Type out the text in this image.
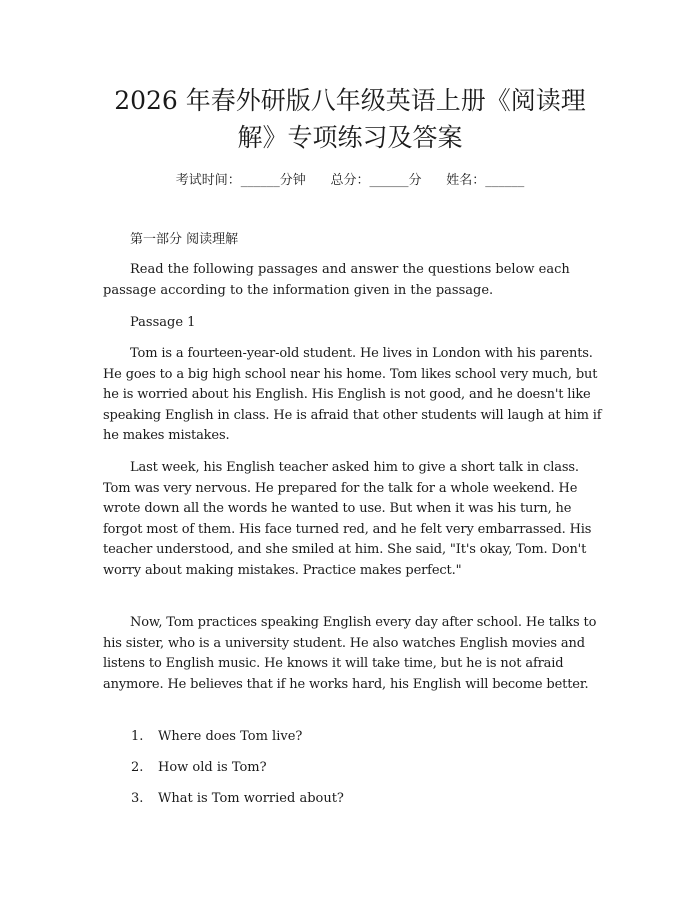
2026 年春外研版八年级英语上册《阅读理
解》专项练习及答案
考试时间：______分钟      总分：______分      姓名：______

第一部分 阅读理解

Read the following passages and answer the questions below each passage according to the information given in the passage.

Passage 1

Tom is a fourteen-year-old student. He lives in London with his parents. He goes to a big high school near his home. Tom likes school very much, but he is worried about his English. His English is not good, and he doesn't like speaking English in class. He is afraid that other students will laugh at him if he makes mistakes.

Last week, his English teacher asked him to give a short talk in class. Tom was very nervous. He prepared for the talk for a whole weekend. He wrote down all the words he wanted to use. But when it was his turn, he forgot most of them. His face turned red, and he felt very embarrassed. His teacher understood, and she smiled at him. She said, "It's okay, Tom. Don't worry about making mistakes. Practice makes perfect."

Now, Tom practices speaking English every day after school. He talks to his sister, who is a university student. He also watches English movies and listens to English music. He knows it will take time, but he is not afraid anymore. He believes that if he works hard, his English will become better.

1. Where does Tom live?
2. How old is Tom?
3. What is Tom worried about?
